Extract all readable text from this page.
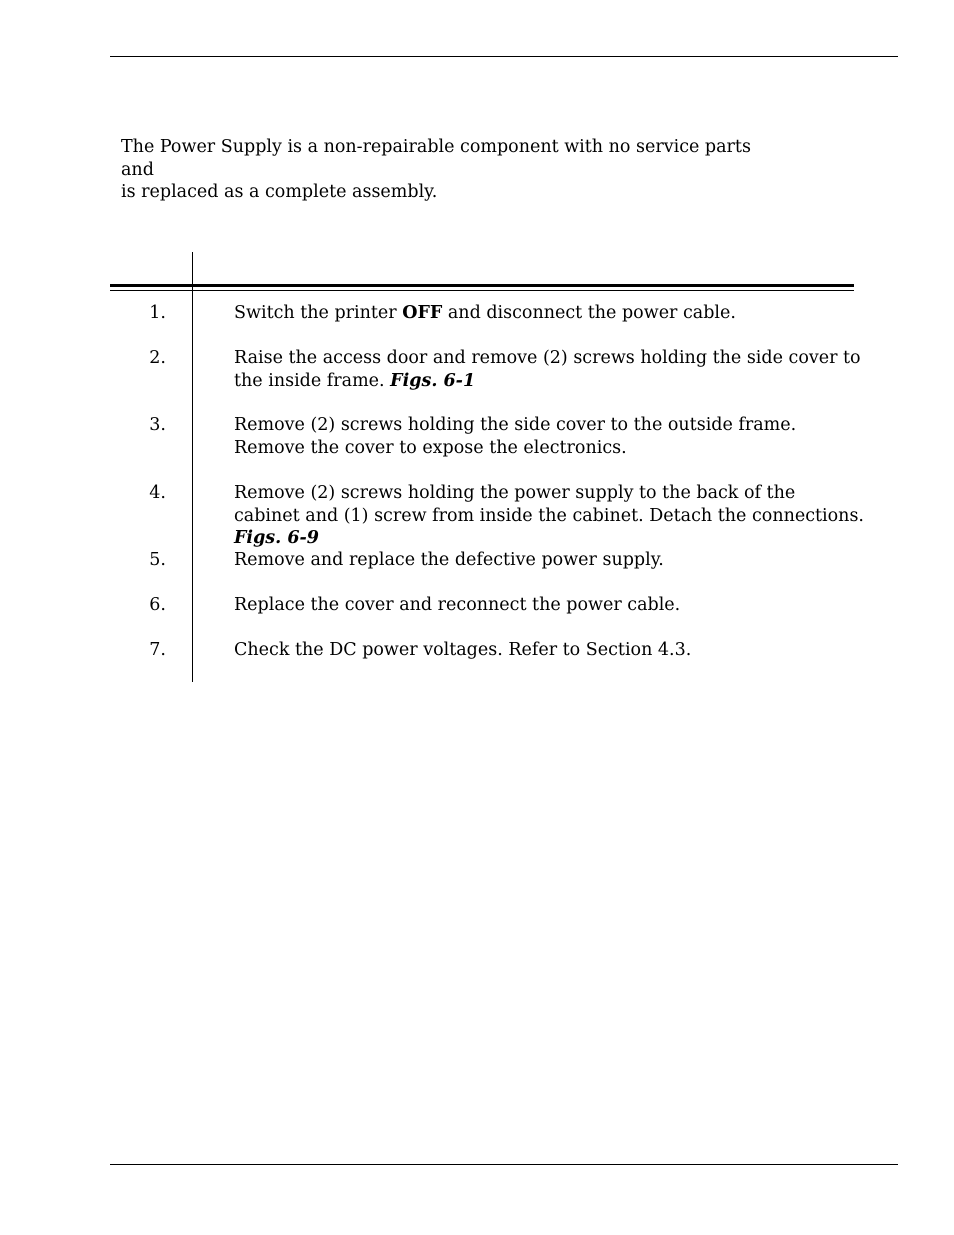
The Power Supply is a non-repairable component with no service parts and
is replaced as a complete assembly.
1.	Switch the printer OFF and disconnect the power cable.
2.	Raise the access door and remove (2) screws holding the side cover to the inside frame. Figs. 6-1
3.	Remove (2) screws holding the side cover to the outside frame. Remove the cover to expose the electronics.
4.	Remove (2) screws holding the power supply to the back of the cabinet and (1) screw from inside the cabinet. Detach the connections. Figs. 6-9
5.	Remove and replace the defective power supply.
6.	Replace the cover and reconnect the power cable.
7.	Check the DC power voltages. Refer to Section 4.3.
